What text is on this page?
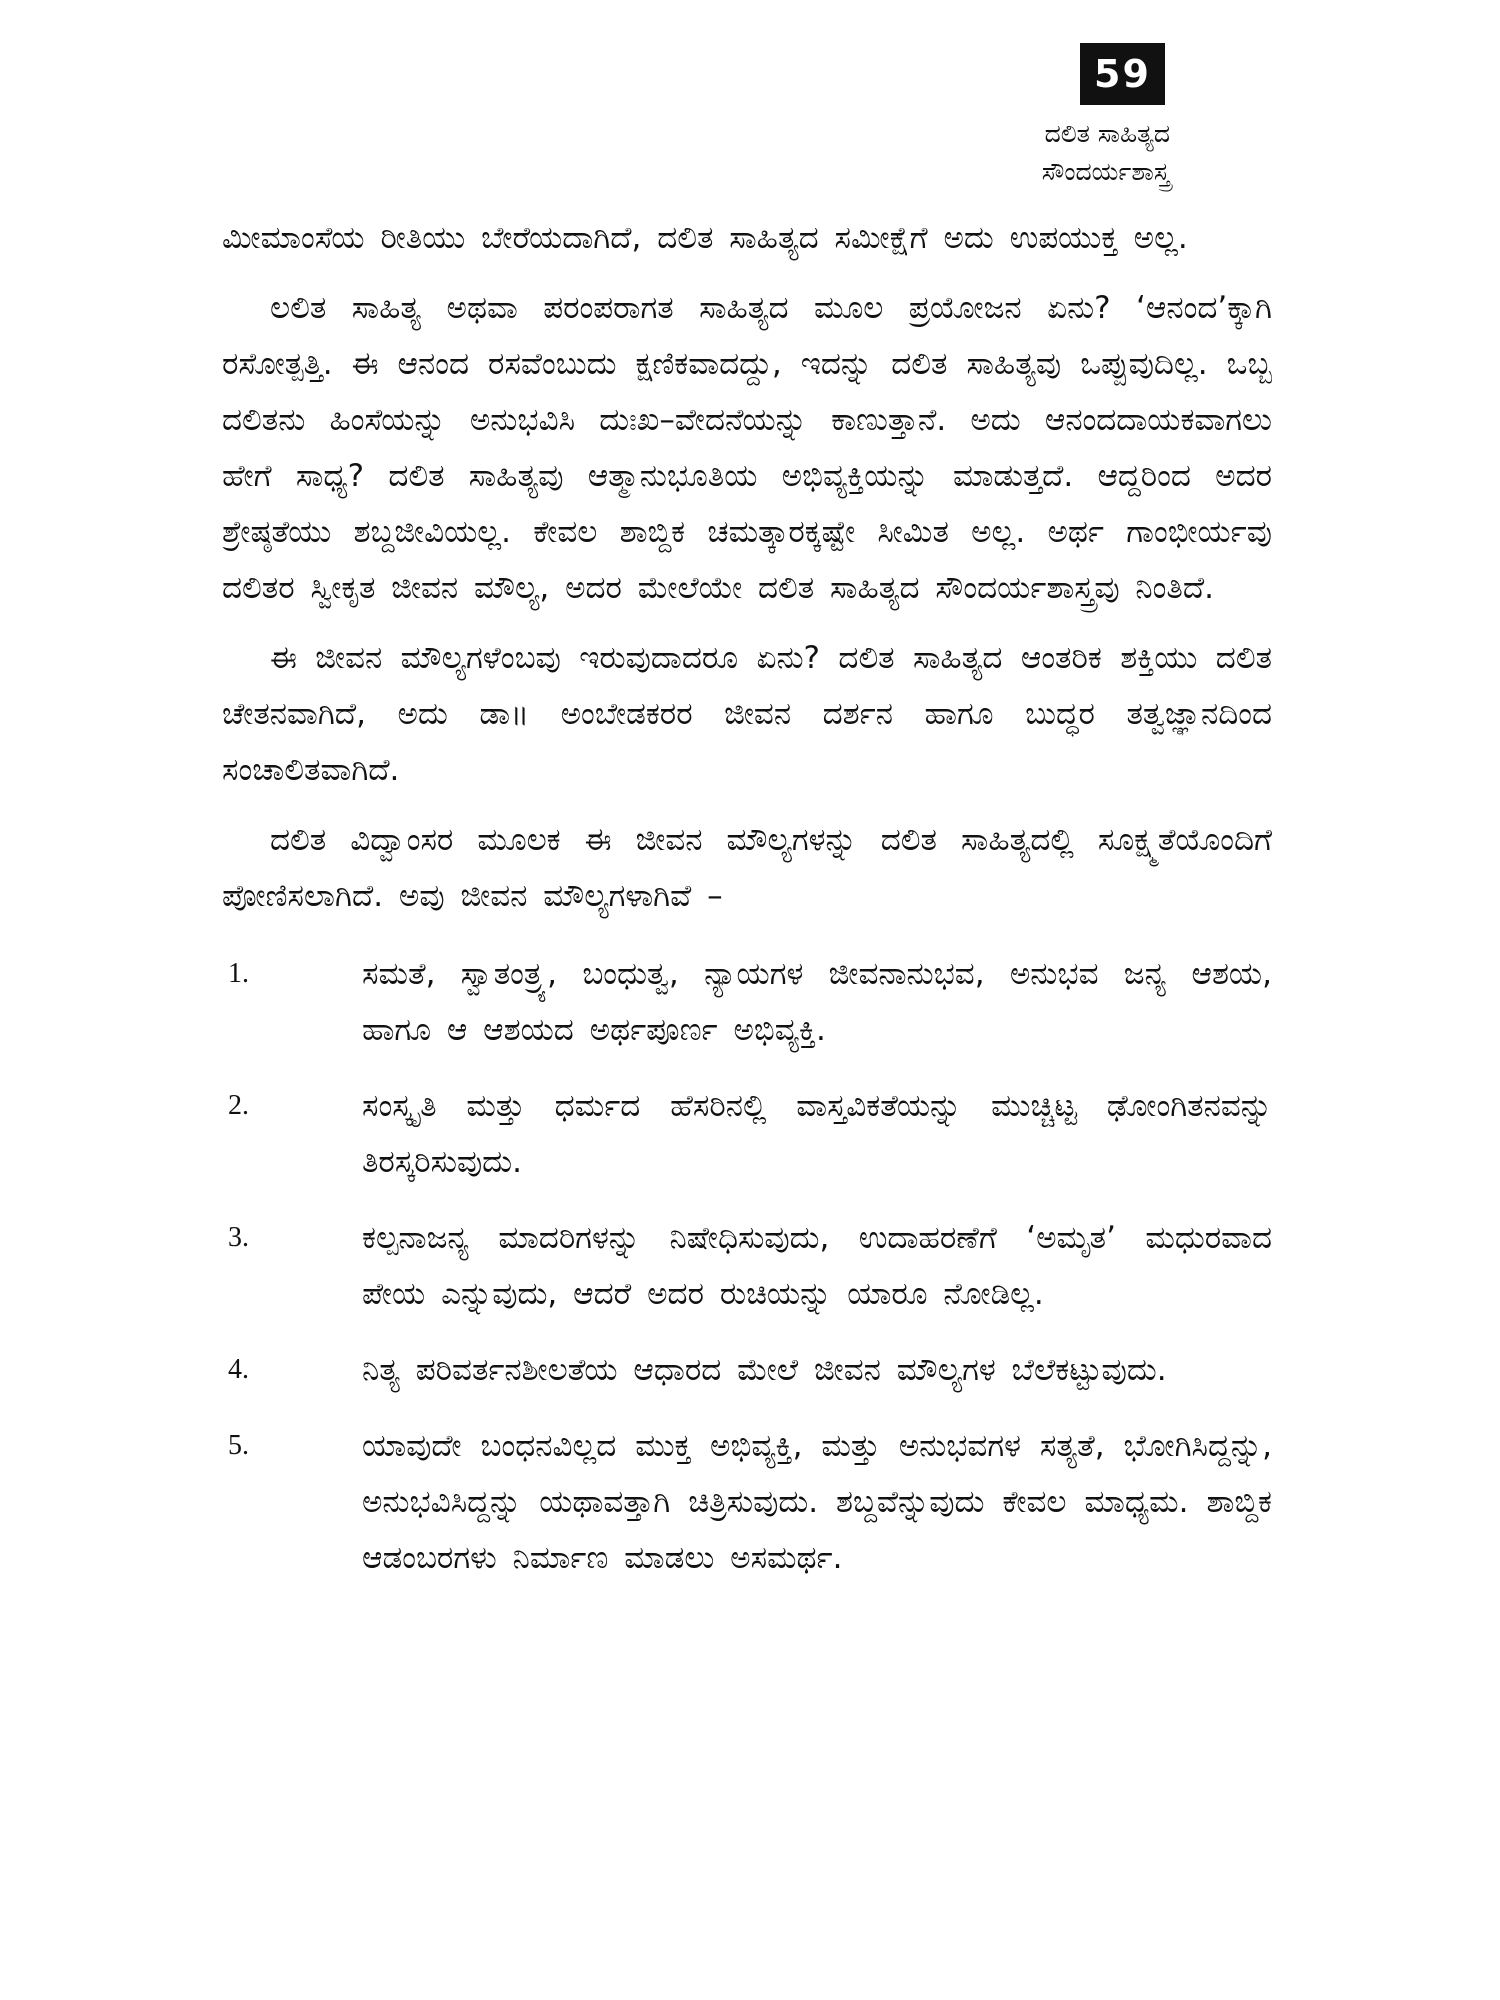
59
ದಲಿತ ಸಾಹಿತ್ಯದ
ಸೌಂದರ್ಯಶಾಸ್ತ್ರ

ಮೀಮಾಂಸೆಯ ರೀತಿಯು ಬೇರೆಯದಾಗಿದೆ, ದಲಿತ ಸಾಹಿತ್ಯದ ಸಮೀಕ್ಷೆಗೆ ಅದು ಉಪಯುಕ್ತ ಅಲ್ಲ.

ಲಲಿತ ಸಾಹಿತ್ಯ ಅಥವಾ ಪರಂಪರಾಗತ ಸಾಹಿತ್ಯದ ಮೂಲ ಪ್ರಯೋಜನ ಏನು? ‘ಆನಂದ’ಕ್ಕಾಗಿ ರಸೋತ್ಪತ್ತಿ. ಈ ಆನಂದ ರಸವೆಂಬುದು ಕ್ಷಣಿಕವಾದದ್ದು, ಇದನ್ನು ದಲಿತ ಸಾಹಿತ್ಯವು ಒಪ್ಪುವುದಿಲ್ಲ. ಒಬ್ಬ ದಲಿತನು ಹಿಂಸೆಯನ್ನು ಅನುಭವಿಸಿ ದುಃಖ–ವೇದನೆಯನ್ನು ಕಾಣುತ್ತಾನೆ. ಅದು ಆನಂದದಾಯಕವಾಗಲು ಹೇಗೆ ಸಾಧ್ಯ? ದಲಿತ ಸಾಹಿತ್ಯವು ಆತ್ಮಾನುಭೂತಿಯ ಅಭಿವ್ಯಕ್ತಿಯನ್ನು ಮಾಡುತ್ತದೆ. ಆದ್ದರಿಂದ ಅದರ ಶ್ರೇಷ್ಠತೆಯು ಶಬ್ದಜೀವಿಯಲ್ಲ. ಕೇವಲ ಶಾಬ್ದಿಕ ಚಮತ್ಕಾರಕ್ಕಷ್ಟೇ ಸೀಮಿತ ಅಲ್ಲ. ಅರ್ಥ ಗಾಂಭೀರ್ಯವು ದಲಿತರ ಸ್ವೀಕೃತ ಜೀವನ ಮೌಲ್ಯ, ಅದರ ಮೇಲೆಯೇ ದಲಿತ ಸಾಹಿತ್ಯದ ಸೌಂದರ್ಯಶಾಸ್ತ್ರವು ನಿಂತಿದೆ.

ಈ ಜೀವನ ಮೌಲ್ಯಗಳೆಂಬವು ಇರುವುದಾದರೂ ಏನು? ದಲಿತ ಸಾಹಿತ್ಯದ ಆಂತರಿಕ ಶಕ್ತಿಯು ದಲಿತ ಚೇತನವಾಗಿದೆ, ಅದು ಡಾ॥ ಅಂಬೇಡಕರರ ಜೀವನ ದರ್ಶನ ಹಾಗೂ ಬುದ್ಧರ ತತ್ವಜ್ಞಾನದಿಂದ ಸಂಚಾಲಿತವಾಗಿದೆ.

ದಲಿತ ವಿದ್ವಾಂಸರ ಮೂಲಕ ಈ ಜೀವನ ಮೌಲ್ಯಗಳನ್ನು ದಲಿತ ಸಾಹಿತ್ಯದಲ್ಲಿ ಸೂಕ್ಷ್ಮತೆಯೊಂದಿಗೆ ಪೋಣಿಸಲಾಗಿದೆ. ಅವು ಜೀವನ ಮೌಲ್ಯಗಳಾಗಿವೆ –

1.	ಸಮತೆ, ಸ್ವಾತಂತ್ರ್ಯ, ಬಂಧುತ್ವ, ನ್ಯಾಯಗಳ ಜೀವನಾನುಭವ, ಅನುಭವ ಜನ್ಯ ಆಶಯ, ಹಾಗೂ ಆ ಆಶಯದ ಅರ್ಥಪೂರ್ಣ ಅಭಿವ್ಯಕ್ತಿ.
2.	ಸಂಸ್ಕೃತಿ ಮತ್ತು ಧರ್ಮದ ಹೆಸರಿನಲ್ಲಿ ವಾಸ್ತವಿಕತೆಯನ್ನು ಮುಚ್ಚಿಟ್ಟ ಢೋಂಗಿತನವನ್ನು ತಿರಸ್ಕರಿಸುವುದು.
3.	ಕಲ್ಪನಾಜನ್ಯ ಮಾದರಿಗಳನ್ನು ನಿಷೇಧಿಸುವುದು, ಉದಾಹರಣೆಗೆ ‘ಅಮೃತ’ ಮಧುರವಾದ ಪೇಯ ಎನ್ನುವುದು, ಆದರೆ ಅದರ ರುಚಿಯನ್ನು ಯಾರೂ ನೋಡಿಲ್ಲ.
4.	ನಿತ್ಯ ಪರಿವರ್ತನಶೀಲತೆಯ ಆಧಾರದ ಮೇಲೆ ಜೀವನ ಮೌಲ್ಯಗಳ ಬೆಲೆಕಟ್ಟುವುದು.
5.	ಯಾವುದೇ ಬಂಧನವಿಲ್ಲದ ಮುಕ್ತ ಅಭಿವ್ಯಕ್ತಿ, ಮತ್ತು ಅನುಭವಗಳ ಸತ್ಯತೆ, ಭೋಗಿಸಿದ್ದನ್ನು, ಅನುಭವಿಸಿದ್ದನ್ನು ಯಥಾವತ್ತಾಗಿ ಚಿತ್ರಿಸುವುದು. ಶಬ್ದವೆನ್ನುವುದು ಕೇವಲ ಮಾಧ್ಯಮ. ಶಾಬ್ದಿಕ ಆಡಂಬರಗಳು ನಿರ್ಮಾಣ ಮಾಡಲು ಅಸಮರ್ಥ.
